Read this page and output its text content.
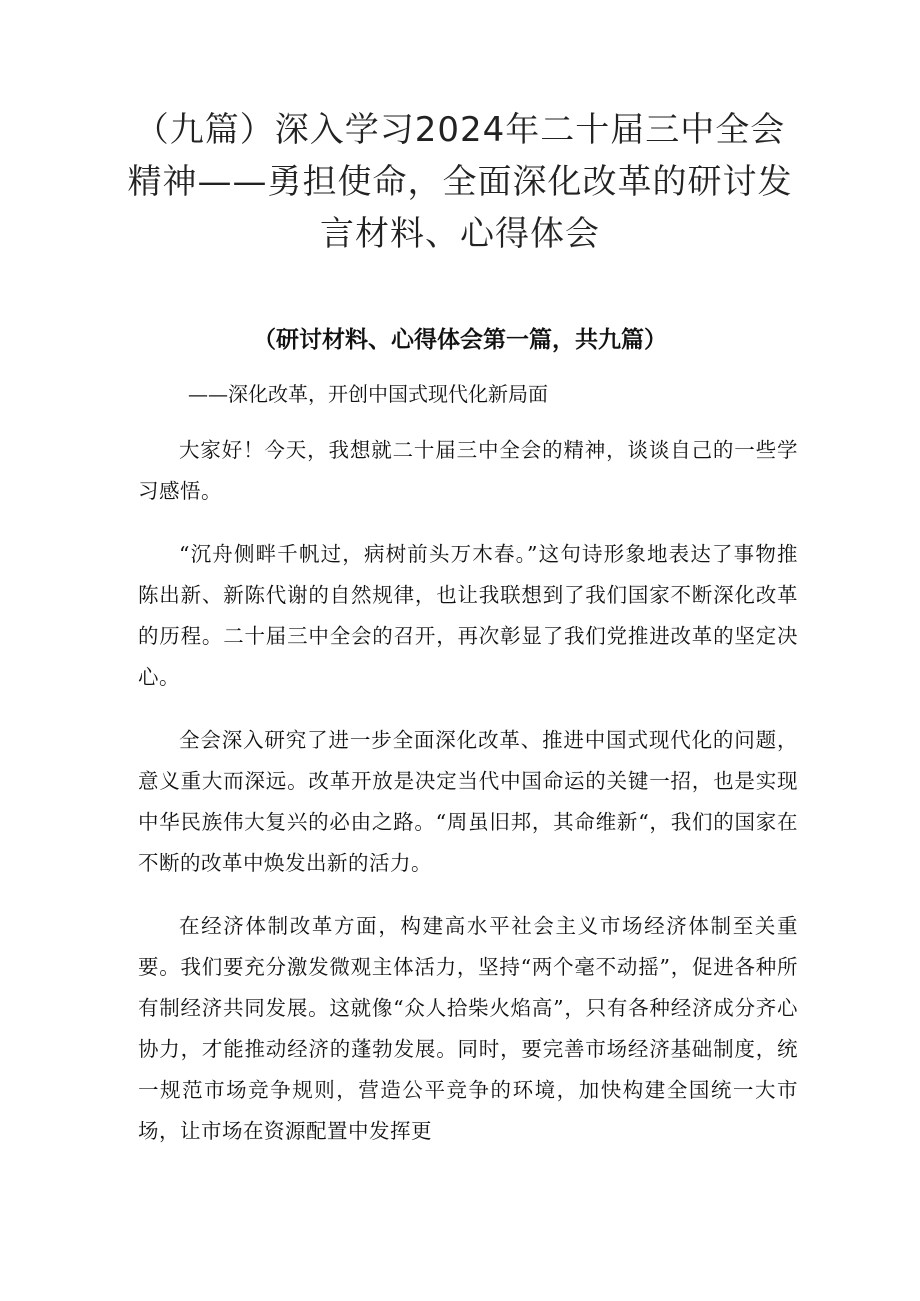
（九篇）深入学习2024年二十届三中全会精神——勇担使命，全面深化改革的研讨发言材料、心得体会
（研讨材料、心得体会第一篇，共九篇）

——深化改革，开创中国式现代化新局面

大家好！今天，我想就二十届三中全会的精神，谈谈自己的一些学习感悟。

“沉舟侧畔千帆过，病树前头万木春。”这句诗形象地表达了事物推陈出新、新陈代谢的自然规律，也让我联想到了我们国家不断深化改革的历程。二十届三中全会的召开，再次彰显了我们党推进改革的坚定决心。

全会深入研究了进一步全面深化改革、推进中国式现代化的问题，意义重大而深远。改革开放是决定当代中国命运的关键一招，也是实现中华民族伟大复兴的必由之路。“周虽旧邦，其命维新“，我们的国家在不断的改革中焕发出新的活力。

在经济体制改革方面，构建高水平社会主义市场经济体制至关重要。我们要充分激发微观主体活力，坚持“两个毫不动摇”，促进各种所有制经济共同发展。这就像“众人拾柴火焰高”，只有各种经济成分齐心协力，才能推动经济的蓬勃发展。同时，要完善市场经济基础制度，统一规范市场竞争规则，营造公平竞争的环境，加快构建全国统一大市场，让市场在资源配置中发挥更
